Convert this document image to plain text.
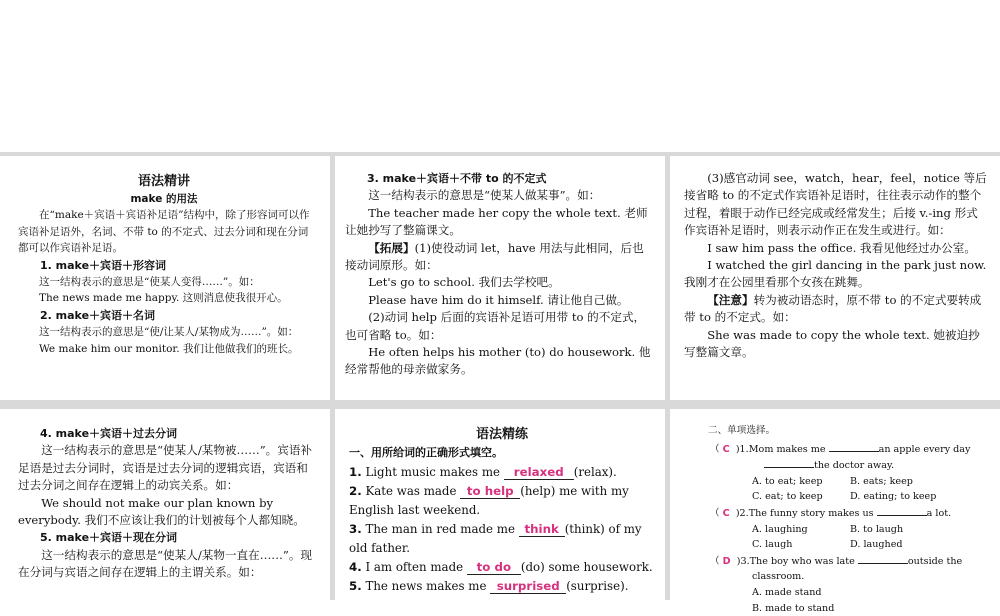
语法精讲

make 的用法

在“make＋宾语＋宾语补足语”结构中，除了形容词可以作宾语补足语外，名词、不带 to 的不定式、过去分词和现在分词都可以作宾语补足语。

1. make＋宾语＋形容词

这一结构表示的意思是“使某人变得……”。如：

The news made me happy. 这则消息使我很开心。

2. make＋宾语＋名词

这一结构表示的意思是“使/让某人/某物成为……”。如：

We make him our monitor. 我们让他做我们的班长。

3. make＋宾语＋不带 to 的不定式

这一结构表示的意思是“使某人做某事”。如：

The teacher made her copy the whole text. 老师让她抄写了整篇课文。

【拓展】(1)使役动词 let，have 用法与此相同，后也接动词原形。如：

Let's go to school. 我们去学校吧。

Please have him do it himself. 请让他自己做。

(2)动词 help 后面的宾语补足语可用带 to 的不定式，也可省略 to。如：

He often helps his mother (to) do housework. 他经常帮他的母亲做家务。

(3)感官动词 see，watch，hear，feel，notice 等后接省略 to 的不定式作宾语补足语时，往往表示动作的整个过程，着眼于动作已经完成或经常发生；后接 v.-ing 形式作宾语补足语时，则表示动作正在发生或进行。如：

I saw him pass the office. 我看见他经过办公室。

I watched the girl dancing in the park just now. 我刚才在公园里看那个女孩在跳舞。

【注意】转为被动语态时，原不带 to 的不定式要转成带 to 的不定式。如：

She was made to copy the whole text. 她被迫抄写整篇文章。

4. make＋宾语＋过去分词

这一结构表示的意思是“使某人/某物被……”。宾语补足语是过去分词时，宾语是过去分词的逻辑宾语，宾语和过去分词之间存在逻辑上的动宾关系。如：

We should not make our plan known by everybody. 我们不应该让我们的计划被每个人都知晓。

5. make＋宾语＋现在分词

这一结构表示的意思是“使某人/某物一直在……”。现在分词与宾语之间存在逻辑上的主谓关系。如：

语法精练

一、用所给词的正确形式填空。

1. Light music makes me relaxed (relax).

2. Kate was made to help (help) me with my English last weekend.

3. The man in red made me think (think) of my old father.

4. I am often made to do (do) some housework.

5. The news makes me surprised (surprise).

二、单项选择。

（ C )1.Mom makes me	an apple every day

the doctor away.

A. to eat; keep	B. eats; keep
C. eat; to keep	D. eating; to keep

（ C )2.The funny story makes us	a lot.

A. laughing	B. to laugh
C. laugh	D. laughed

（ D )3.The boy who was late	outside the

classroom.

A. made stand
B. made to stand
